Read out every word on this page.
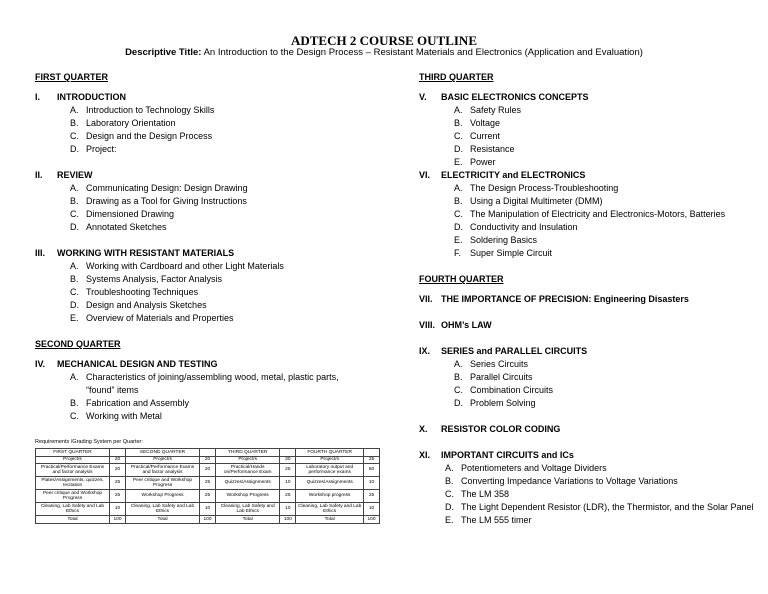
ADTECH 2 COURSE OUTLINE
Descriptive Title: An Introduction to the Design Process – Resistant Materials and Electronics (Application and Evaluation)
FIRST QUARTER
I.	INTRODUCTION
A. Introduction to Technology Skills
B. Laboratory Orientation
C. Design and the Design Process
D. Project:
II.	REVIEW
A. Communicating Design: Design Drawing
B. Drawing as a Tool for Giving Instructions
C. Dimensioned Drawing
D. Annotated Sketches
III.	WORKING WITH RESISTANT MATERIALS
A. Working with Cardboard and other Light Materials
B. Systems Analysis, Factor Analysis
C. Troubleshooting Techniques
D. Design and Analysis Sketches
E. Overview of Materials and Properties
SECOND QUARTER
IV.	MECHANICAL DESIGN AND TESTING
A. Characteristics of joining/assembling wood, metal, plastic parts, “found” items
B. Fabrication and Assembly
C. Working with Metal
THIRD QUARTER
V.	BASIC ELECTRONICS CONCEPTS
A. Safety Rules
B. Voltage
C. Current
D. Resistance
E. Power
VI.	ELECTRICITY and ELECTRONICS
A. The Design Process-Troubleshooting
B. Using a Digital Multimeter (DMM)
C. The Manipulation of Electricity and Electronics-Motors, Batteries
D. Conductivity and Insulation
E. Soldering Basics
F. Super Simple Circuit
FOURTH QUARTER
VII. THE IMPORTANCE OF PRECISION: Engineering Disasters
VIII. OHM’s LAW
IX.	SERIES and PARALLEL CIRCUITS
A. Series Circuits
B. Parallel Circuits
C. Combination Circuits
D. Problem Solving
X.	RESISTOR COLOR CODING
XI.	IMPORTANT CIRCUITS and ICs
A. Potentiometers and Voltage Dividers
B. Converting Impedance Variations to Voltage Variations
C. The LM 358
D. The Light Dependent Resistor (LDR), the Thermistor, and the Solar Panel
E. The LM 555 timer
Requirements /Grading System per Quarter:
FIRST QUARTER		SECOND QUARTER		THIRD QUARTER		FOURTH QUARTER	
Project/s	20	Project/s	20	Project/s	30	Project/s	25
Practical/Performance Exams and factor analysis	20	Practical/Performance Exams and factor analysis	20	Practical/Hands on/Performance Exam	25	Laboratory output and performance exams	50
Plates/Assignments, quizzes, recitation	25	Peer critique and Workshop Progress	25	Quizzes/Assignments	10	Quizzes/Assignments	10
Peer critique and Workshop Progress	25	Workshop Progress	25	Workshop Progress	25	Workshop progress	25
Cleaning, Lab Safety and Lab Ethics	10	Cleaning, Lab Safety and Lab Ethics	10	Cleaning, Lab Safety and Lab Ethics	10	Cleaning, Lab Safety and Lab Ethics	10
Total	100	Total	100	Total	100	Total	100
